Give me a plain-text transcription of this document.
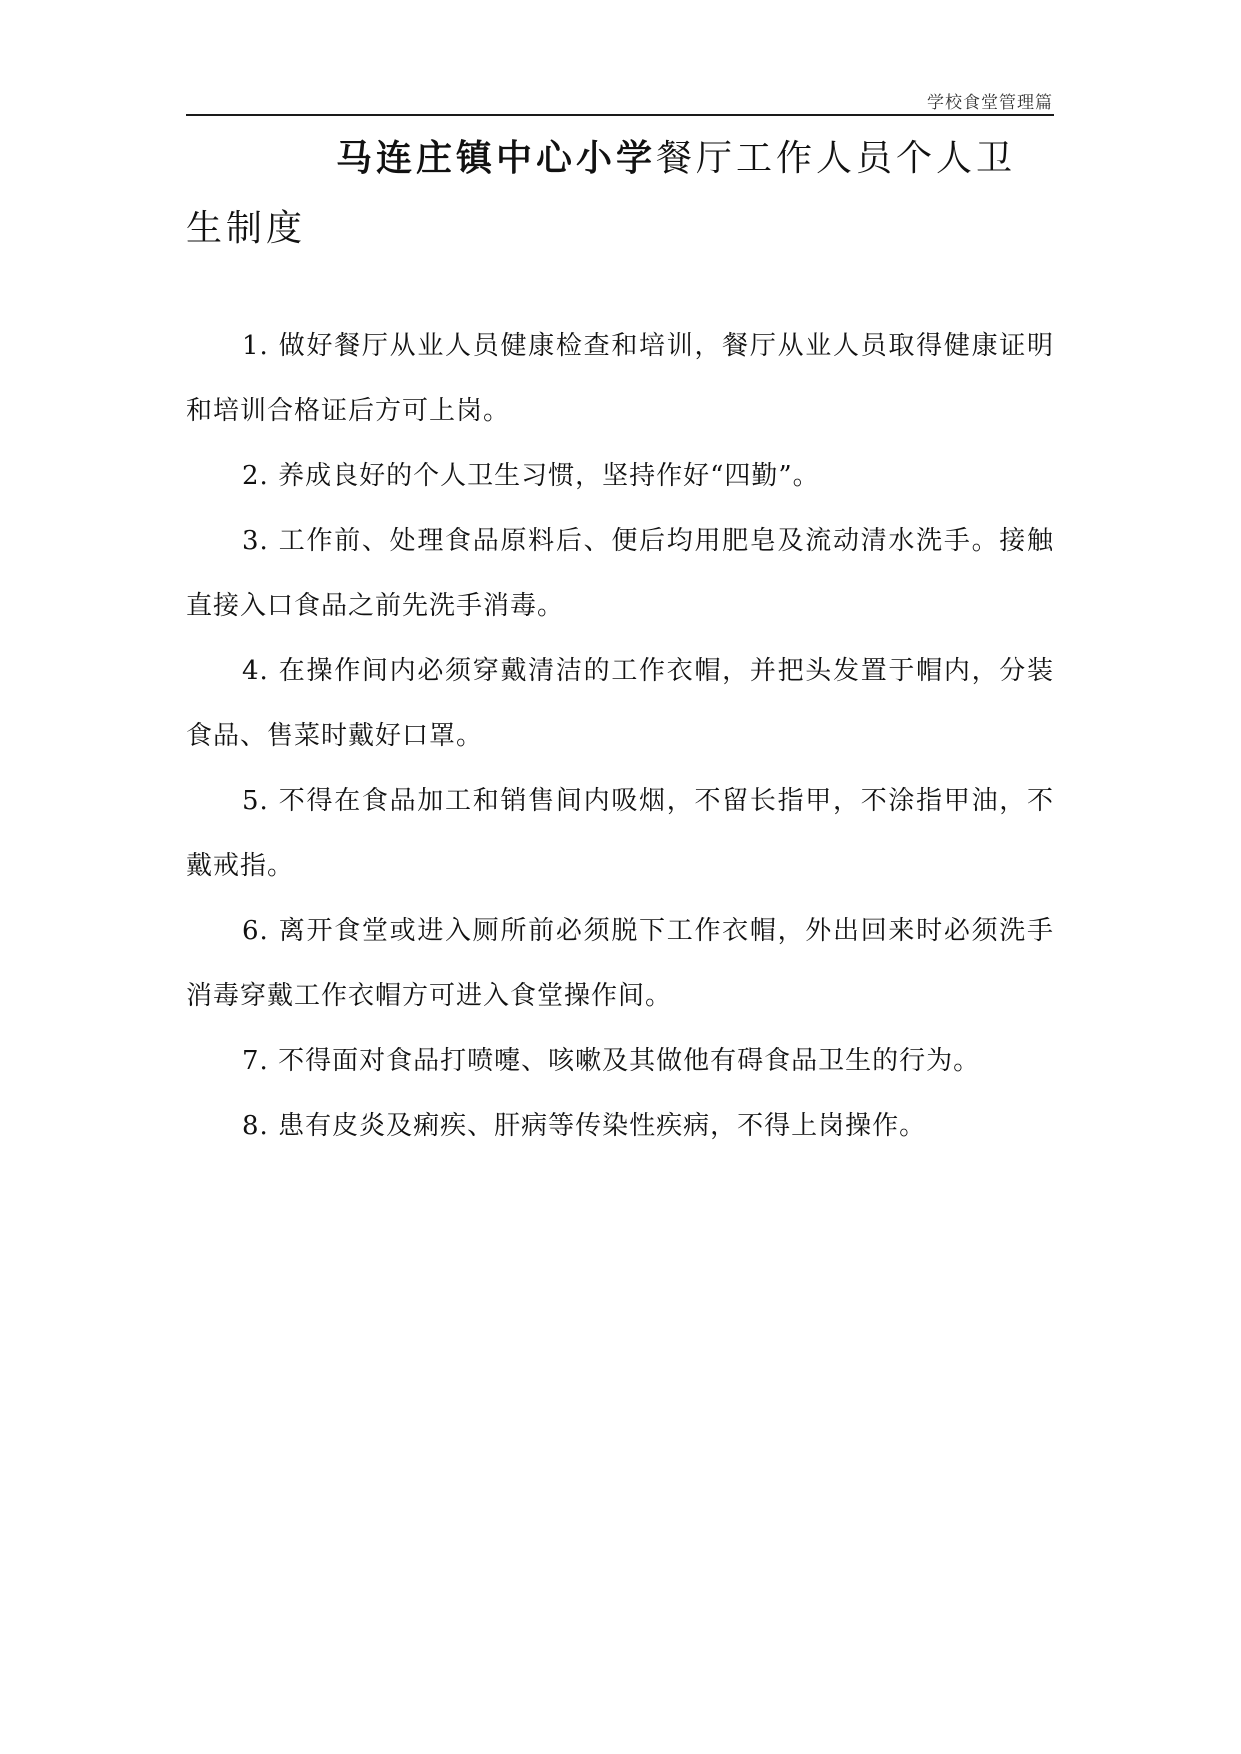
学校食堂管理篇
马连庄镇中心小学餐厅工作人员个人卫生制度

1. 做好餐厅从业人员健康检查和培训，餐厅从业人员取得健康证明和培训合格证后方可上岗。

2. 养成良好的个人卫生习惯，坚持作好“四勤”。

3. 工作前、处理食品原料后、便后均用肥皂及流动清水洗手。接触直接入口食品之前先洗手消毒。

4. 在操作间内必须穿戴清洁的工作衣帽，并把头发置于帽内，分装食品、售菜时戴好口罩。

5. 不得在食品加工和销售间内吸烟，不留长指甲，不涂指甲油，不戴戒指。

6. 离开食堂或进入厕所前必须脱下工作衣帽，外出回来时必须洗手消毒穿戴工作衣帽方可进入食堂操作间。

7. 不得面对食品打喷嚏、咳嗽及其做他有碍食品卫生的行为。

8. 患有皮炎及痢疾、肝病等传染性疾病，不得上岗操作。
